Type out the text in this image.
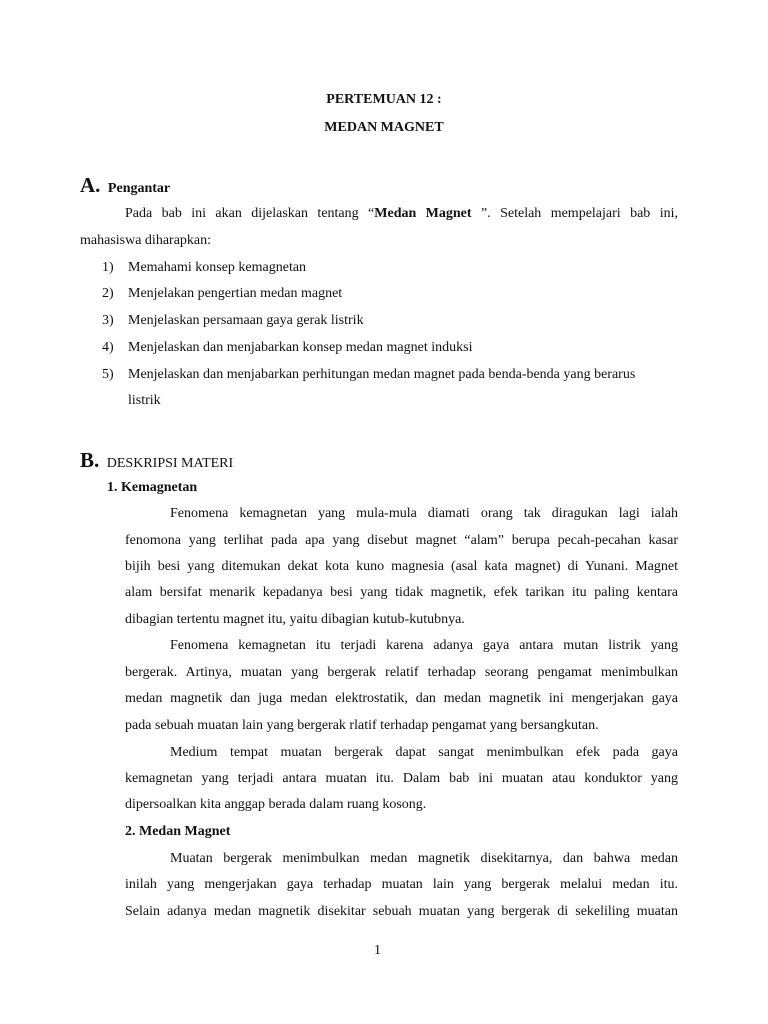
PERTEMUAN 12 :
MEDAN MAGNET
A. Pengantar
Pada bab ini akan dijelaskan tentang “Medan Magnet ”. Setelah mempelajari bab ini,
mahasiswa diharapkan:
1) Memahami konsep kemagnetan
2) Menjelakan pengertian medan magnet
3) Menjelaskan persamaan gaya gerak listrik
4) Menjelaskan dan menjabarkan konsep medan magnet induksi
5) Menjelaskan dan menjabarkan perhitungan medan magnet pada benda-benda yang berarus
listrik
B. DESKRIPSI MATERI
1. Kemagnetan
Fenomena kemagnetan yang mula-mula diamati orang tak diragukan lagi ialah
fenomona yang terlihat pada apa yang disebut magnet “alam” berupa pecah-pecahan kasar
bijih besi yang ditemukan dekat kota kuno magnesia (asal kata magnet) di Yunani. Magnet
alam bersifat menarik kepadanya besi yang tidak magnetik, efek tarikan itu paling kentara
dibagian tertentu magnet itu, yaitu dibagian kutub-kutubnya.
Fenomena kemagnetan itu terjadi karena adanya gaya antara mutan listrik yang
bergerak. Artinya, muatan yang bergerak relatif terhadap seorang pengamat menimbulkan
medan magnetik dan juga medan elektrostatik, dan medan magnetik ini mengerjakan gaya
pada sebuah muatan lain yang bergerak rlatif terhadap pengamat yang bersangkutan.
Medium tempat muatan bergerak dapat sangat menimbulkan efek pada gaya
kemagnetan yang terjadi antara muatan itu. Dalam bab ini muatan atau konduktor yang
dipersoalkan kita anggap berada dalam ruang kosong.
2. Medan Magnet
Muatan bergerak menimbulkan medan magnetik disekitarnya, dan bahwa medan
inilah yang mengerjakan gaya terhadap muatan lain yang bergerak melalui medan itu.
Selain adanya medan magnetik disekitar sebuah muatan yang bergerak di sekeliling muatan
1
